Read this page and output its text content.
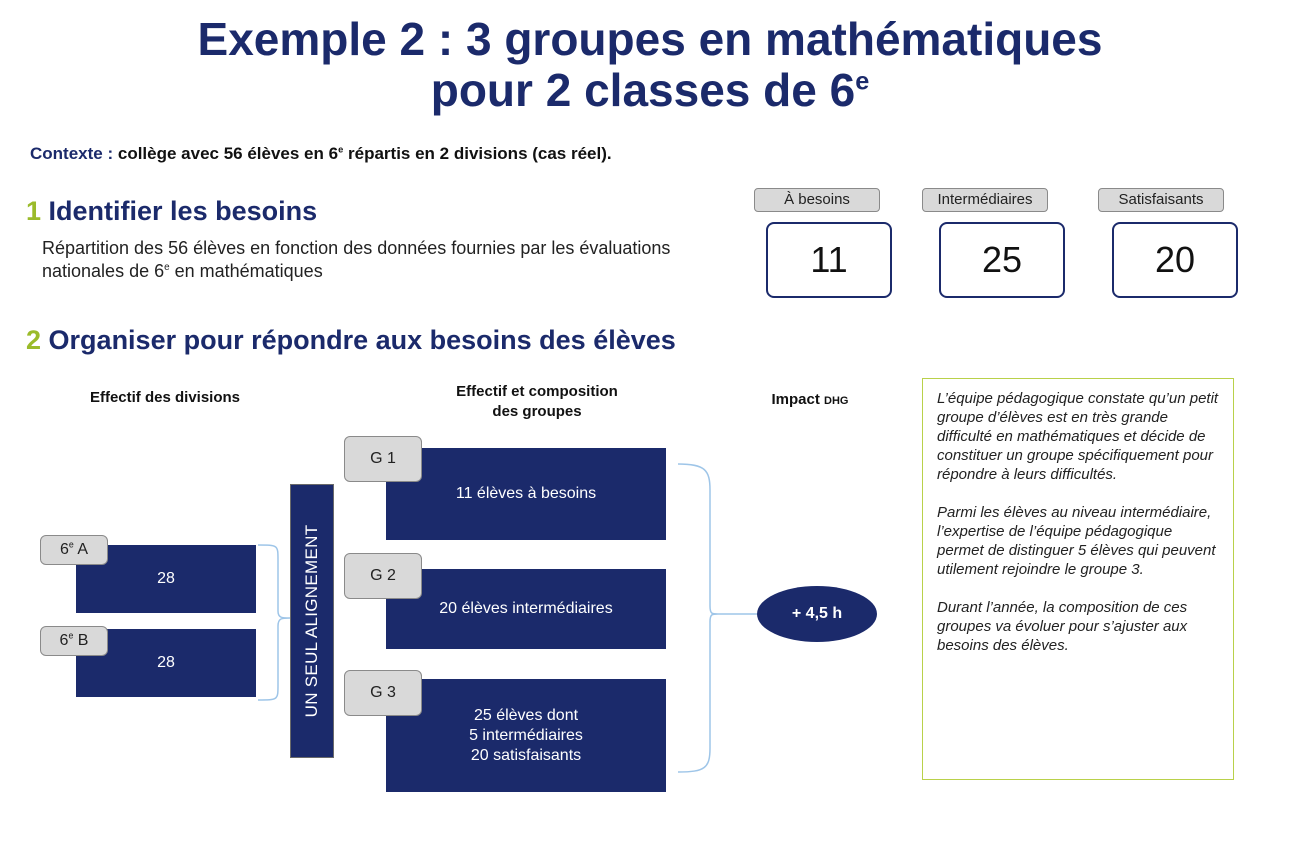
Exemple 2 : 3 groupes en mathématiques
pour 2 classes de 6e
Contexte : collège avec 56 élèves en 6e répartis en 2 divisions (cas réel).
1 Identifier les besoins
Répartition des 56 élèves en fonction des données fournies par les évaluations nationales de 6e en mathématiques
À besoins
11
Intermédiaires
25
Satisfaisants
20
2 Organiser pour répondre aux besoins des élèves
Effectif des divisions	Effectif et composition
des groupes
Impact DHG
28
6e A
28
6e B	UN SEUL ALIGNEMENT
11 élèves à besoins
G 1
20 élèves intermédiaires
G 2
25 élèves dont
5 intermédiaires
20 satisfaisants
G 3
+ 4,5 h

L’équipe pédagogique constate qu’un petit groupe d’élèves est en très grande difficulté en mathématiques et décide de constituer un groupe spécifiquement pour répondre à leurs difficultés.

Parmi les élèves au niveau intermédiaire, l’expertise de l’équipe pédagogique permet de distinguer 5 élèves qui peuvent utilement rejoindre le groupe 3.

Durant l’année, la composition de ces groupes va évoluer pour s’ajuster aux besoins des élèves.
